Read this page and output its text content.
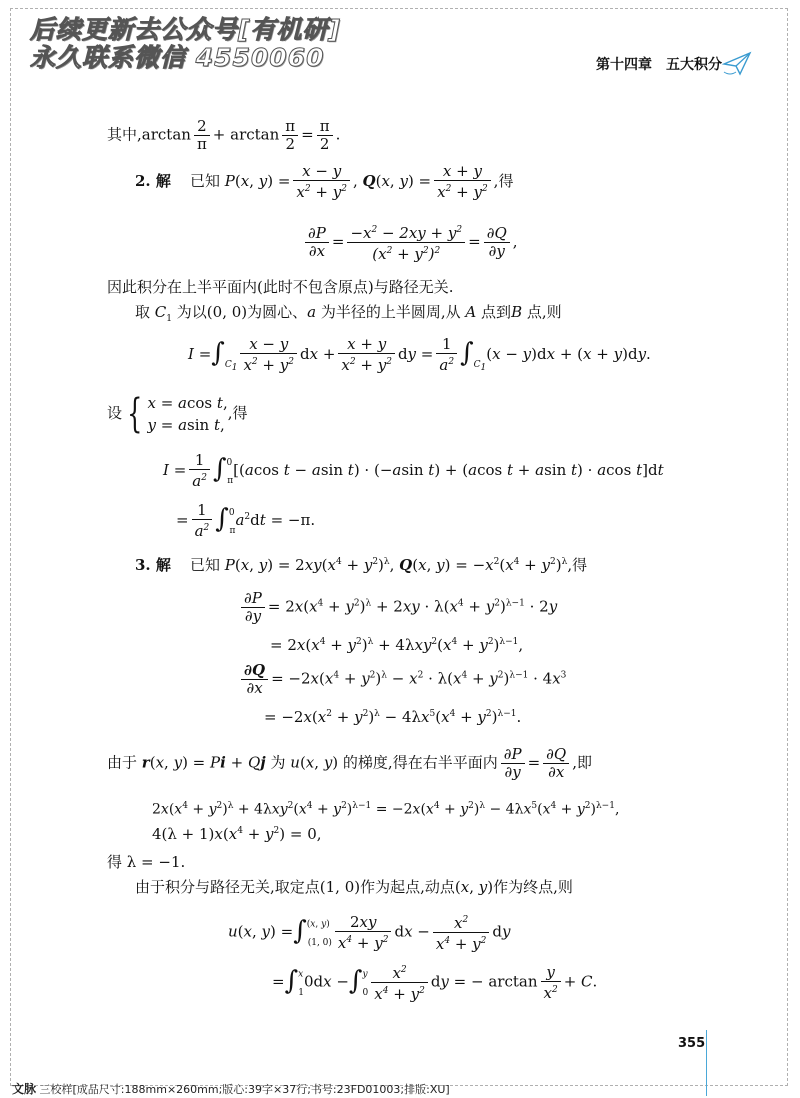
后续更新去公众号[有机研]
永久联系微信 4550060	第十四章　五大积分
其中$,\arctan \frac{2}{\pi} + \arctan \frac{\pi}{2} = \frac{\pi}{2}$ .
2. 解 已知 P(x, $y) = \frac{x - y}{x^2 + y^2}$ , Q(x, $y) = \frac{x + y}{x^2 + y^2}$ ,得
$\frac{\partial P}{\partial x} = \frac{-x^2 - 2xy + y^2}{(x^2 + y^2)^2} = \frac{\partial Q}{\partial y}$ ,
因此积分在上半平面内(此时不包含原点)与路径无关.
取 $C_1$ 为以(0, 0)为圆心、a 为半径的上半圆周,从 A 点到B 点,则
$I =\int_{C_1} \frac{x - y}{x^2 + y^2}$ dx + $\frac{x + y}{x^2 + y^2}$ dy = $\frac{1}{a^2} \int_{C_1}(x - y)dx + (x + y)dy$.
设 { x = acos t,
y = asin t,,得
$I = \frac{1}{a^2} \int^0_\pi[(acos$ t − asin t) · (−asin t) + (acos t + asin t) · acos t]dt
= $\frac{1}{a^2} \int^0_\pi a^2dt = -\pi$.
3. 解 已知 P(x, $y) = 2xy(x^4 + y^2)^\lambda$, Q(x, $y) = -x^2(x^4 + y^2)^\lambda$,得
$\frac{\partial P}{\partial y} = 2x(x^4 + y^2)^\lambda + 2xy \cdot \lambda(x^4 + y^2)^{\lambda-1} \cdot 2y$
= $2x(x^4 + y^2)^\lambda + 4\lambda xy^2(x^4 + y^2)^{\lambda-1}$,
$\frac{\partial Q}{\partial x} = -2x(x^4 + y^2)^\lambda - x^2 \cdot \lambda(x^4 + y^2)^{\lambda-1} \cdot 4x^3$
= $-2x(x^2 + y^2)^\lambda - 4\lambda x^5(x^4 + y^2)^{\lambda-1}$.
由于 r(x, y) = Pi + Qj 为 u(x, y) 的梯度,得在右半平面内 $\frac{\partial P}{\partial y} = \frac{\partial Q}{\partial x}$ ,即
$2x(x^4 + y^2)^\lambda + 4\lambda xy^2(x^4 + y^2)^{\lambda-1} = -2x(x^4 + y^2)^\lambda - 4\lambda x^5(x^4 + y^2)^{\lambda-1}$,
$4(\lambda + 1)x(x^4 + y^2) = 0$,
得 λ = −1.
由于积分与路径无关,取定点(1, 0)作为起点,动点(x, y)作为终点,则
u(x, $y) =\int^{(x, y)}_{(1, 0)} \frac{2xy}{x^4 + y^2}$ dx − $\frac{x^2}{x^4 + y^2}$ dy
$=\int^x_10dx -\int^y_0 \frac{x^2}{x^4 + y^2}$ dy = − $\arctan \frac{y}{x^2} + C$.
355
文脉 三校样[成品尺寸:188mm×260mm;版心:39字×37行;书号:23FD01003;排版:XU]
